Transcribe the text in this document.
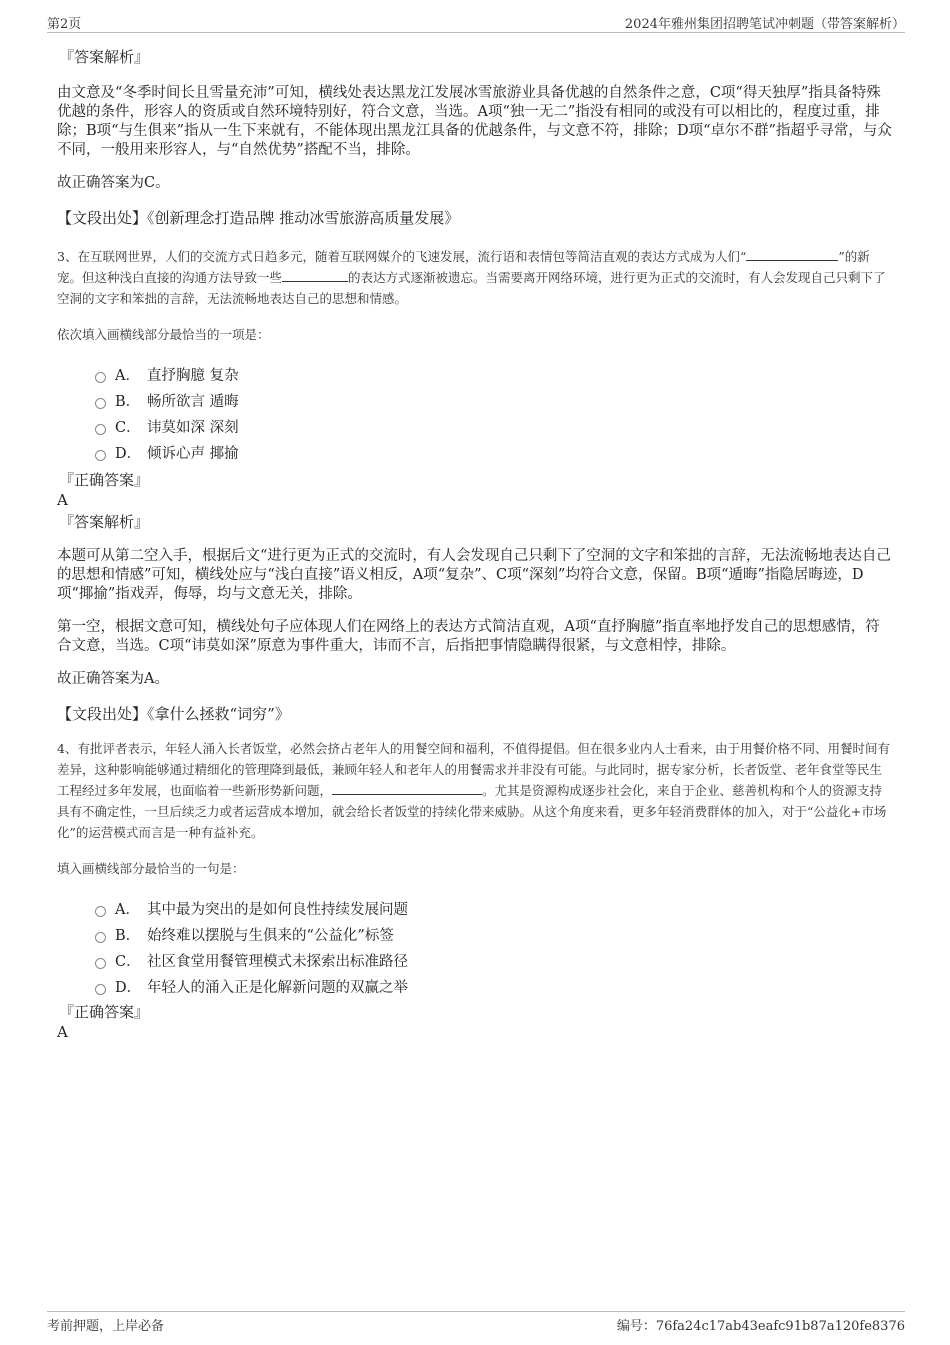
第2页	2024年雅州集团招聘笔试冲刺题（带答案解析）
『答案解析』

由文意及“冬季时间长且雪量充沛”可知，横线处表达黑龙江发展冰雪旅游业具备优越的自然条件之意，C项“得天独厚”指具备特殊优越的条件，形容人的资质或自然环境特别好，符合文意，当选。A项“独一无二”指没有相同的或没有可以相比的，程度过重，排除；B项“与生俱来”指从一生下来就有，不能体现出黑龙江具备的优越条件，与文意不符，排除；D项“卓尔不群”指超乎寻常，与众不同，一般用来形容人，与“自然优势”搭配不当，排除。

故正确答案为C。

【文段出处】《创新理念打造品牌 推动冰雪旅游高质量发展》

3、在互联网世界，人们的交流方式日趋多元，随着互联网媒介的飞速发展，流行语和表情包等简洁直观的表达方式成为人们“	”的新宠。但这种浅白直接的沟通方法导致一些	的表达方式逐渐被遗忘。当需要离开网络环境，进行更为正式的交流时，有人会发现自己只剩下了空洞的文字和笨拙的言辞，无法流畅地表达自己的思想和情感。

依次填入画横线部分最恰当的一项是：

A． 直抒胸臆 复杂
B． 畅所欲言 遁晦
C． 讳莫如深 深刻
D． 倾诉心声 揶揄
『正确答案』

A

『答案解析』

本题可从第二空入手，根据后文“进行更为正式的交流时，有人会发现自己只剩下了空洞的文字和笨拙的言辞，无法流畅地表达自己的思想和情感”可知，横线处应与“浅白直接”语义相反，A项“复杂”、C项“深刻”均符合文意，保留。B项“遁晦”指隐居晦迹，D项“揶揄”指戏弄，侮辱，均与文意无关，排除。

第一空，根据文意可知，横线处句子应体现人们在网络上的表达方式简洁直观，A项“直抒胸臆”指直率地抒发自己的思想感情，符合文意，当选。C项“讳莫如深”原意为事件重大，讳而不言，后指把事情隐瞒得很紧，与文意相悖，排除。

故正确答案为A。

【文段出处】《拿什么拯救“词穷”》

4、有批评者表示，年轻人涌入长者饭堂，必然会挤占老年人的用餐空间和福利，不值得提倡。但在很多业内人士看来，由于用餐价格不同、用餐时间有差异，这种影响能够通过精细化的管理降到最低，兼顾年轻人和老年人的用餐需求并非没有可能。与此同时，据专家分析，长者饭堂、老年食堂等民生工程经过多年发展，也面临着一些新形势新问题，	。尤其是资源构成逐步社会化，来自于企业、慈善机构和个人的资源支持具有不确定性，一旦后续乏力或者运营成本增加，就会给长者饭堂的持续化带来威胁。从这个角度来看，更多年轻消费群体的加入，对于“公益化+市场化”的运营模式而言是一种有益补充。

填入画横线部分最恰当的一句是：

A． 其中最为突出的是如何良性持续发展问题
B． 始终难以摆脱与生俱来的“公益化”标签
C． 社区食堂用餐管理模式未探索出标准路径
D． 年轻人的涌入正是化解新问题的双赢之举
『正确答案』

A

考前押题，上岸必备	编号：76fa24c17ab43eafc91b87a120fe8376
